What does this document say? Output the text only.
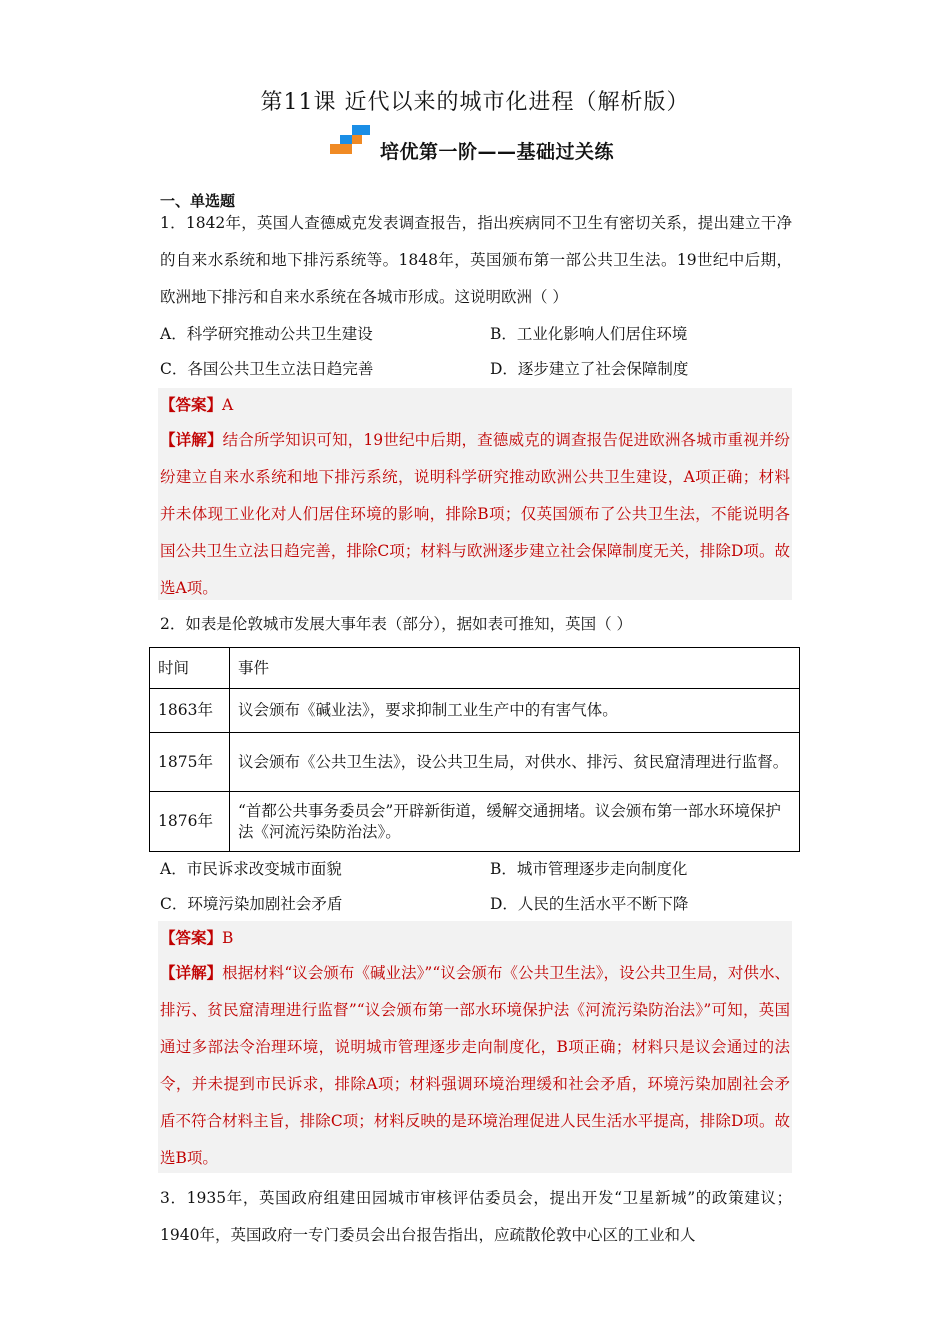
第11课 近代以来的城市化进程（解析版）
培优第一阶——基础过关练
一、单选题
1．1842年，英国人查德威克发表调查报告，指出疾病同不卫生有密切关系，提出建立干净的自来水系统和地下排污系统等。1848年，英国颁布第一部公共卫生法。19世纪中后期，欧洲地下排污和自来水系统在各城市形成。这说明欧洲（ ）
A．科学研究推动公共卫生建设	B．工业化影响人们居住环境
C．各国公共卫生立法日趋完善	D．逐步建立了社会保障制度
【答案】A
【详解】结合所学知识可知，19世纪中后期，查德威克的调查报告促进欧洲各城市重视并纷纷建立自来水系统和地下排污系统，说明科学研究推动欧洲公共卫生建设，A项正确；材料并未体现工业化对人们居住环境的影响，排除B项；仅英国颁布了公共卫生法，不能说明各国公共卫生立法日趋完善，排除C项；材料与欧洲逐步建立社会保障制度无关，排除D项。故选A项。
2．如表是伦敦城市发展大事年表（部分），据如表可推知，英国（ ）
时间	事件
1863年	议会颁布《碱业法》，要求抑制工业生产中的有害气体。
1875年	议会颁布《公共卫生法》，设公共卫生局，对供水、排污、贫民窟清理进行监督。
1876年	“首都公共事务委员会”开辟新街道，缓解交通拥堵。议会颁布第一部水环境保护法《河流污染防治法》。
A．市民诉求改变城市面貌	B．城市管理逐步走向制度化
C．环境污染加剧社会矛盾	D．人民的生活水平不断下降
【答案】B
【详解】根据材料“议会颁布《碱业法》”“议会颁布《公共卫生法》，设公共卫生局，对供水、排污、贫民窟清理进行监督”“议会颁布第一部水环境保护法《河流污染防治法》”可知，英国通过多部法令治理环境，说明城市管理逐步走向制度化，B项正确；材料只是议会通过的法令，并未提到市民诉求，排除A项；材料强调环境治理缓和社会矛盾，环境污染加剧社会矛盾不符合材料主旨，排除C项；材料反映的是环境治理促进人民生活水平提高，排除D项。故选B项。
3．1935年，英国政府组建田园城市审核评估委员会，提出开发“卫星新城”的政策建议；1940年，英国政府一专门委员会出台报告指出，应疏散伦敦中心区的工业和人
